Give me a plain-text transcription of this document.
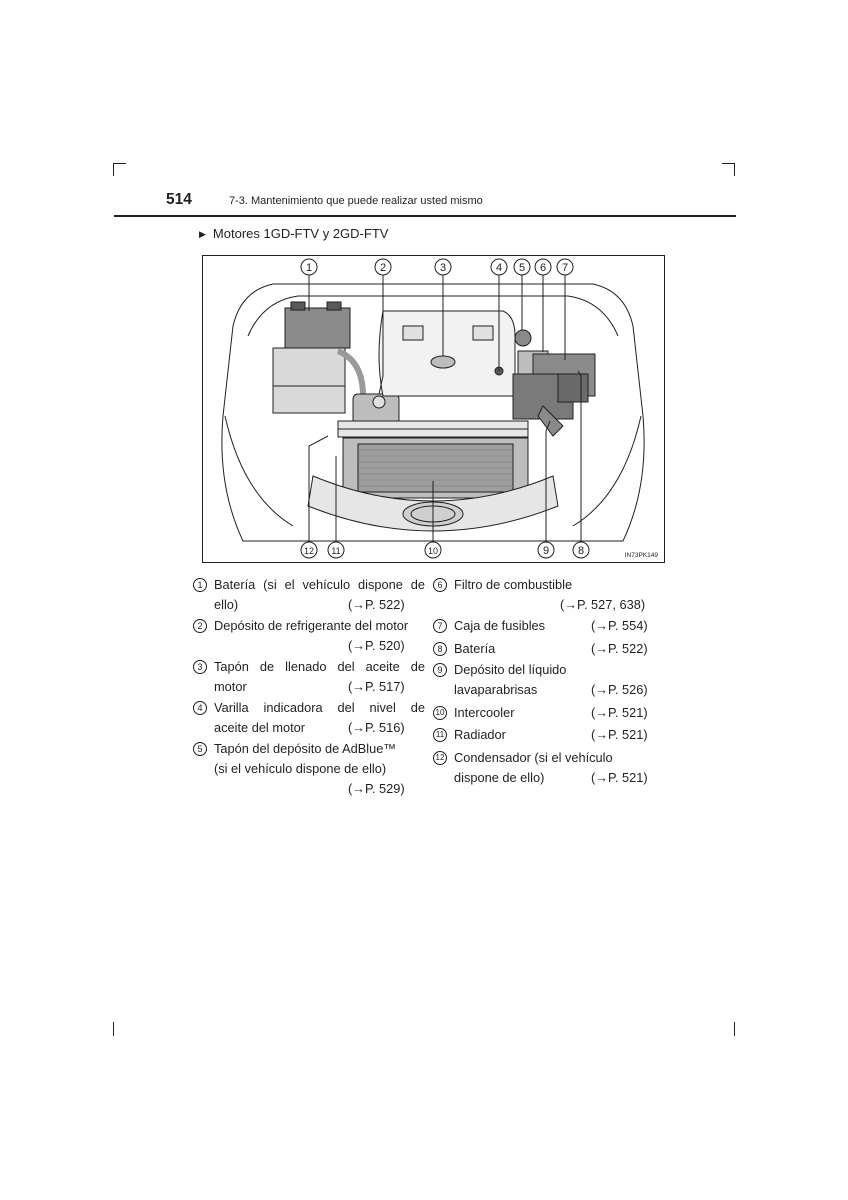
514	7-3. Mantenimiento que puede realizar usted mismo
▶ Motores 1GD-FTV y 2GD-FTV
1	2	3	4 5 6 7
12 11	10	9	8	IN73PK149
1 Batería (si el vehículo dispone de
ello)	(→P. 522)
2 Depósito de refrigerante del motor
(→P. 520)
3 Tapón de llenado del aceite de
motor	(→P. 517)
4 Varilla indicadora del nivel de
aceite del motor	(→P. 516)
5 Tapón del depósito de AdBlue™
(si el vehículo dispone de ello)
(→P. 529)
6 Filtro de combustible
(→P. 527, 638)
7 Caja de fusibles	(→P. 554)
8 Batería	(→P. 522)
9 Depósito del líquido
lavaparabrisas	(→P. 526)
10 Intercooler	(→P. 521)
11 Radiador	(→P. 521)
12 Condensador (si el vehículo
dispone de ello)	(→P. 521)
